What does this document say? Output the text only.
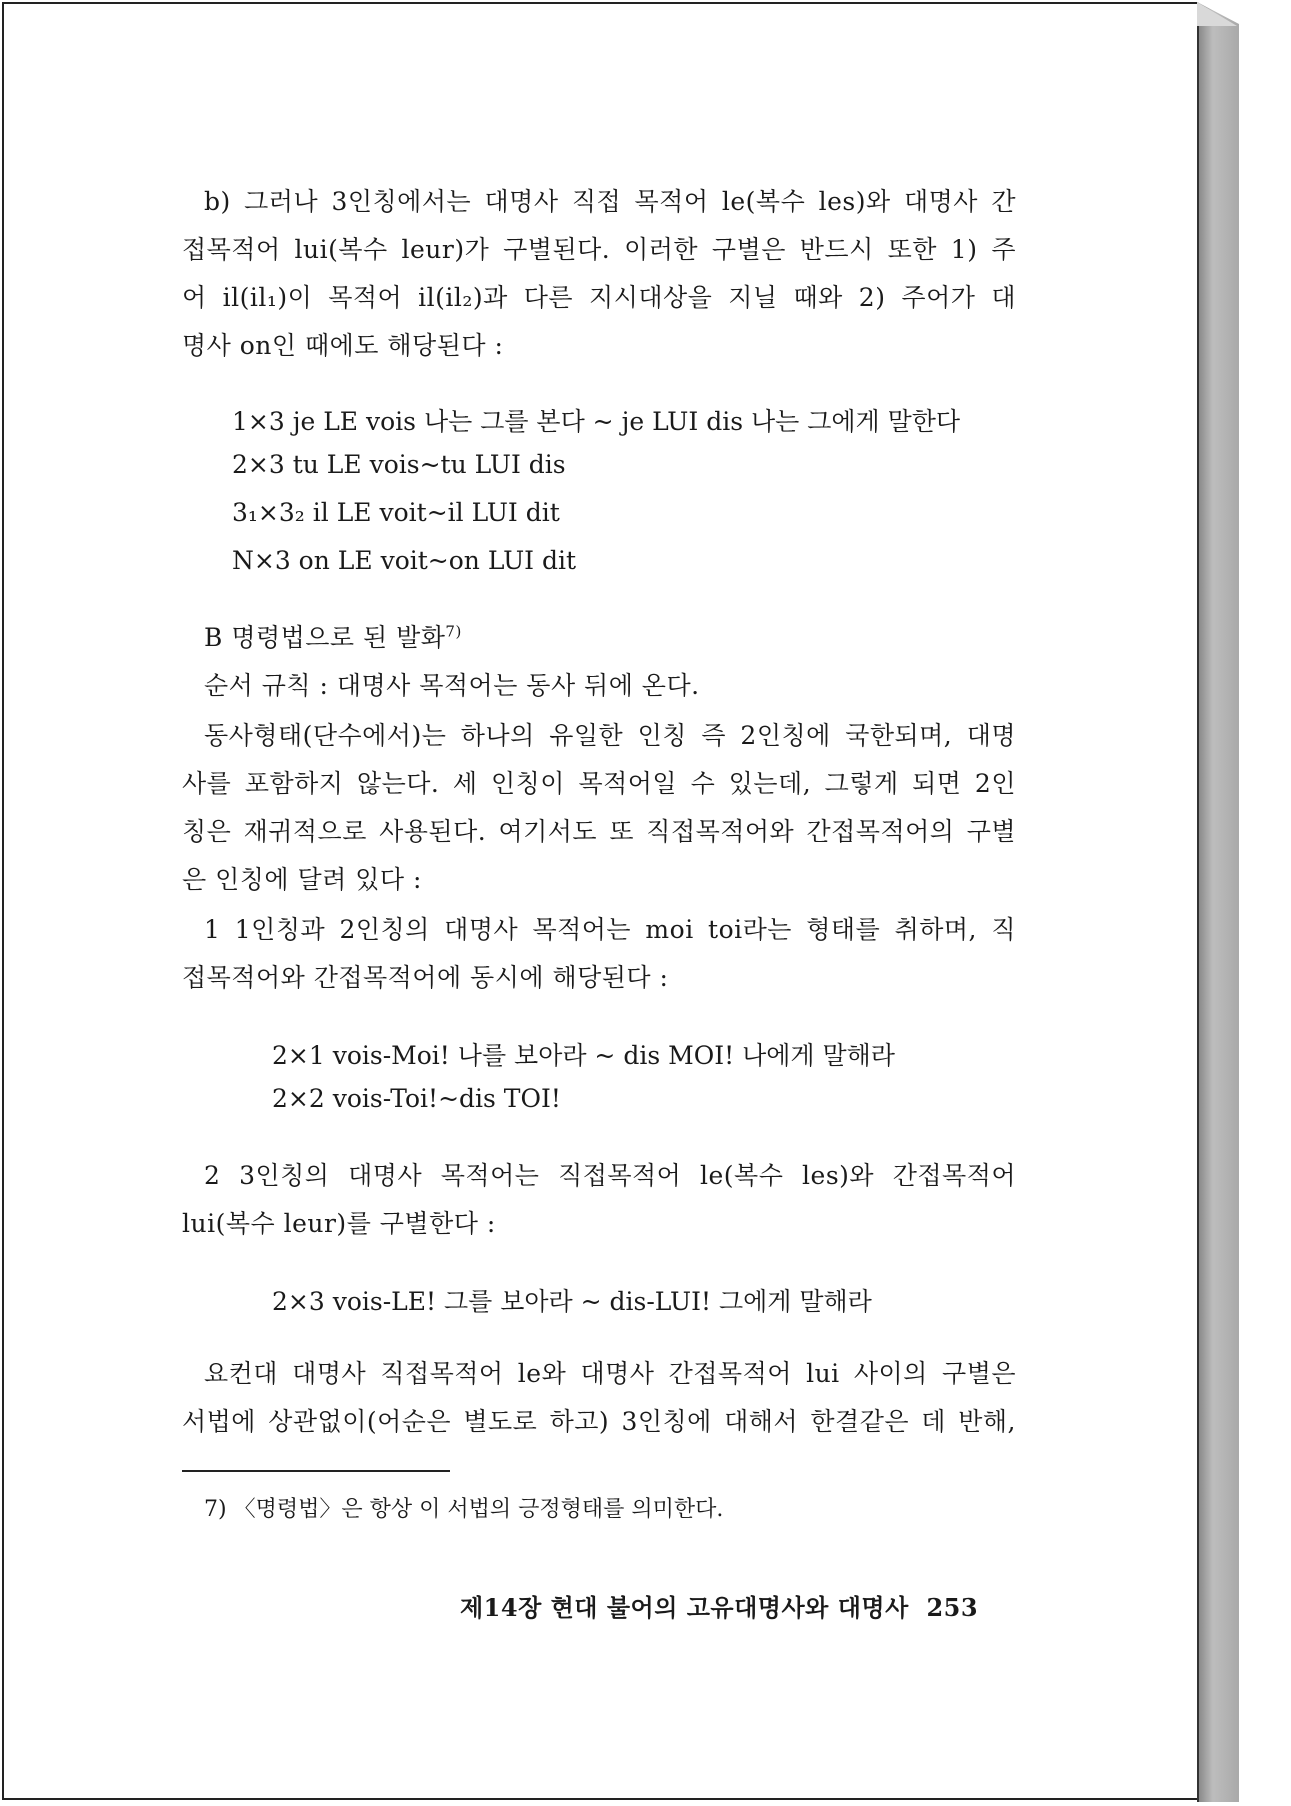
b) 그러나 3인칭에서는 대명사 직접 목적어 le(복수 les)와 대명사 간
접목적어 lui(복수 leur)가 구별된다. 이러한 구별은 반드시 또한 1) 주
어 il(il₁)이 목적어 il(il₂)과 다른 지시대상을 지닐 때와 2) 주어가 대
명사 on인 때에도 해당된다 :
1×3 je LE vois 나는 그를 본다 ~ je LUI dis 나는 그에게 말한다
2×3 tu LE vois~tu LUI dis
3₁×3₂ il LE voit~il LUI dit
N×3 on LE voit~on LUI dit
B 명령법으로 된 발화$^{7)}$
순서 규칙 : 대명사 목적어는 동사 뒤에 온다.
동사형태(단수에서)는 하나의 유일한 인칭 즉 2인칭에 국한되며, 대명
사를 포함하지 않는다. 세 인칭이 목적어일 수 있는데, 그렇게 되면 2인
칭은 재귀적으로 사용된다. 여기서도 또 직접목적어와 간접목적어의 구별
은 인칭에 달려 있다 :
1 1인칭과 2인칭의 대명사 목적어는 moi toi라는 형태를 취하며, 직
접목적어와 간접목적어에 동시에 해당된다 :
2×1 vois-Moi! 나를 보아라 ~ dis MOI! 나에게 말해라
2×2 vois-Toi!~dis TOI!
2 3인칭의 대명사 목적어는 직접목적어 le(복수 les)와 간접목적어
lui(복수 leur)를 구별한다 :
2×3 vois-LE! 그를 보아라 ~ dis-LUI! 그에게 말해라
요컨대 대명사 직접목적어 le와 대명사 간접목적어 lui 사이의 구별은
서법에 상관없이(어순은 별도로 하고) 3인칭에 대해서 한결같은 데 반해,
7) 〈명령법〉은 항상 이 서법의 긍정형태를 의미한다.
제14장 현대 불어의 고유대명사와 대명사 253
